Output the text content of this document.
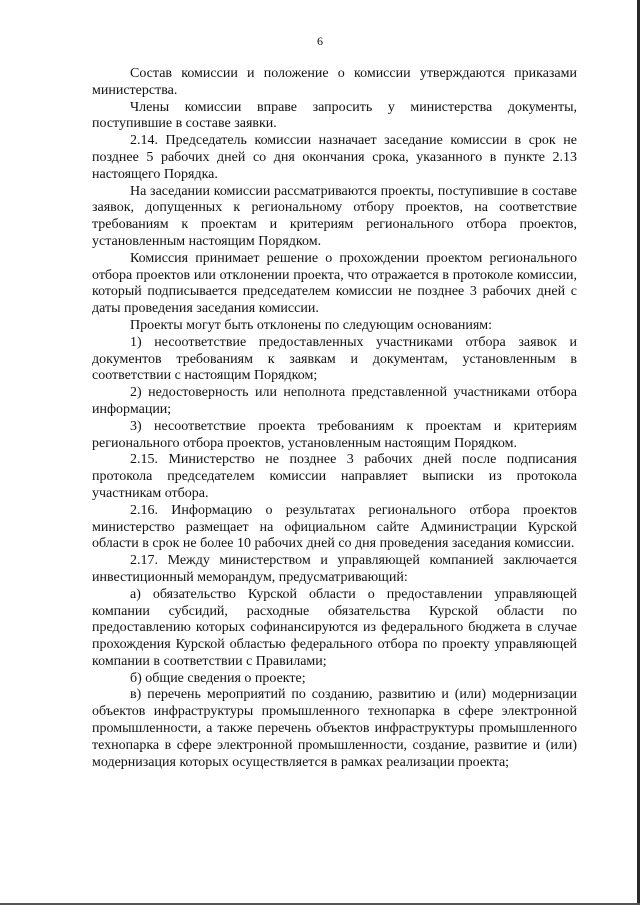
6

Состав комиссии и положение о комиссии утверждаются приказами министерства.

Члены комиссии вправе запросить у министерства документы, поступившие в составе заявки.

2.14. Председатель комиссии назначает заседание комиссии в срок не позднее 5 рабочих дней со дня окончания срока, указанного в пункте 2.13 настоящего Порядка.

На заседании комиссии рассматриваются проекты, поступившие в составе заявок, допущенных к региональному отбору проектов, на соответствие требованиям к проектам и критериям регионального отбора проектов, установленным настоящим Порядком.

Комиссия принимает решение о прохождении проектом регионального отбора проектов или отклонении проекта, что отражается в протоколе комиссии, который подписывается председателем комиссии не позднее 3 рабочих дней с даты проведения заседания комиссии.

Проекты могут быть отклонены по следующим основаниям:

1) несоответствие предоставленных участниками отбора заявок и документов требованиям к заявкам и документам, установленным в соответствии с настоящим Порядком;

2) недостоверность или неполнота представленной участниками отбора информации;

3) несоответствие проекта требованиям к проектам и критериям регионального отбора проектов, установленным настоящим Порядком.

2.15. Министерство не позднее 3 рабочих дней после подписания протокола председателем комиссии направляет выписки из протокола участникам отбора.

2.16. Информацию о результатах регионального отбора проектов министерство размещает на официальном сайте Администрации Курской области в срок не более 10 рабочих дней со дня проведения заседания комиссии.

2.17. Между министерством и управляющей компанией заключается инвестиционный меморандум, предусматривающий:

а) обязательство Курской области о предоставлении управляющей компании субсидий, расходные обязательства Курской области по предоставлению которых софинансируются из федерального бюджета в случае прохождения Курской областью федерального отбора по проекту управляющей компании в соответствии с Правилами;

б) общие сведения о проекте;

в) перечень мероприятий по созданию, развитию и (или) модернизации объектов инфраструктуры промышленного технопарка в сфере электронной промышленности, а также перечень объектов инфраструктуры промышленного технопарка в сфере электронной промышленности, создание, развитие и (или) модернизация которых осуществляется в рамках реализации проекта;
